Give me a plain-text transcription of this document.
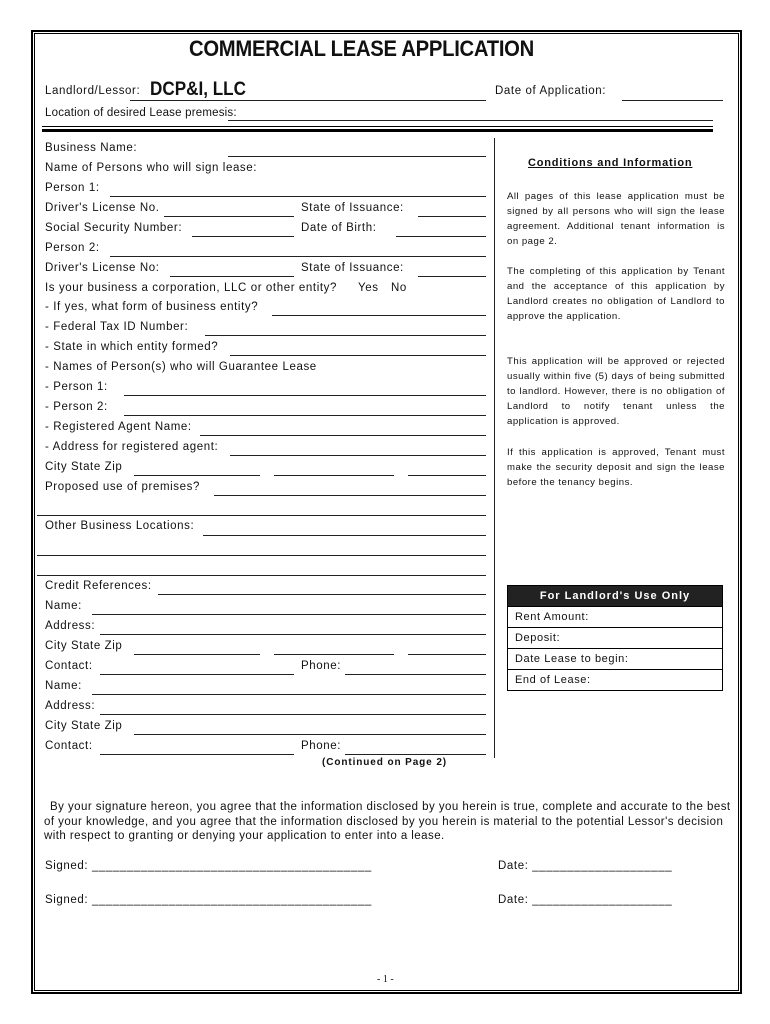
COMMERCIAL LEASE APPLICATION
Landlord/Lessor: DCP&I, LLC	Date of Application:
Location of desired Lease premesis:
Business Name:
Name of Persons who will sign lease:
Person 1:
Driver's License No.	State of Issuance:
Social Security Number:	Date of Birth:
Person 2:
Driver's License No:	State of Issuance:
Is your business a corporation, LLC or other entity? Yes No
- If yes, what form of business entity?
- Federal Tax ID Number:
- State in which entity formed?
- Names of Person(s) who will Guarantee Lease
- Person 1:
- Person 2:
- Registered Agent Name:
- Address for registered agent:
City State Zip
Proposed use of premises?
Other Business Locations:
Credit References:
Name:
Address:
City State Zip
Contact:	Phone:
Name:
Address:
City State Zip
Contact:	Phone:
(Continued on Page 2)
Conditions and Information
All pages of this lease application must be signed by all persons who will sign the lease agreement. Additional tenant information is on page 2.
The completing of this application by Tenant and the acceptance of this application by Landlord creates no obligation of Landlord to approve the application.
This application will be approved or rejected usually within five (5) days of being submitted to landlord. However, there is no obligation of Landlord to notify tenant unless the application is approved.
If this application is approved, Tenant must make the security deposit and sign the lease before the tenancy begins.
For Landlord's Use Only
Rent Amount:
Deposit:
Date Lease to begin:
End of Lease:
By your signature hereon, you agree that the information disclosed by you herein is true, complete and accurate to the best of your knowledge, and you agree that the information disclosed by you herein is material to the potential Lessor's decision with respect to granting or denying your application to enter into a lease.
Signed: ________________________________________	Date: ____________________
Signed: ________________________________________	Date: ____________________
- 1 -
